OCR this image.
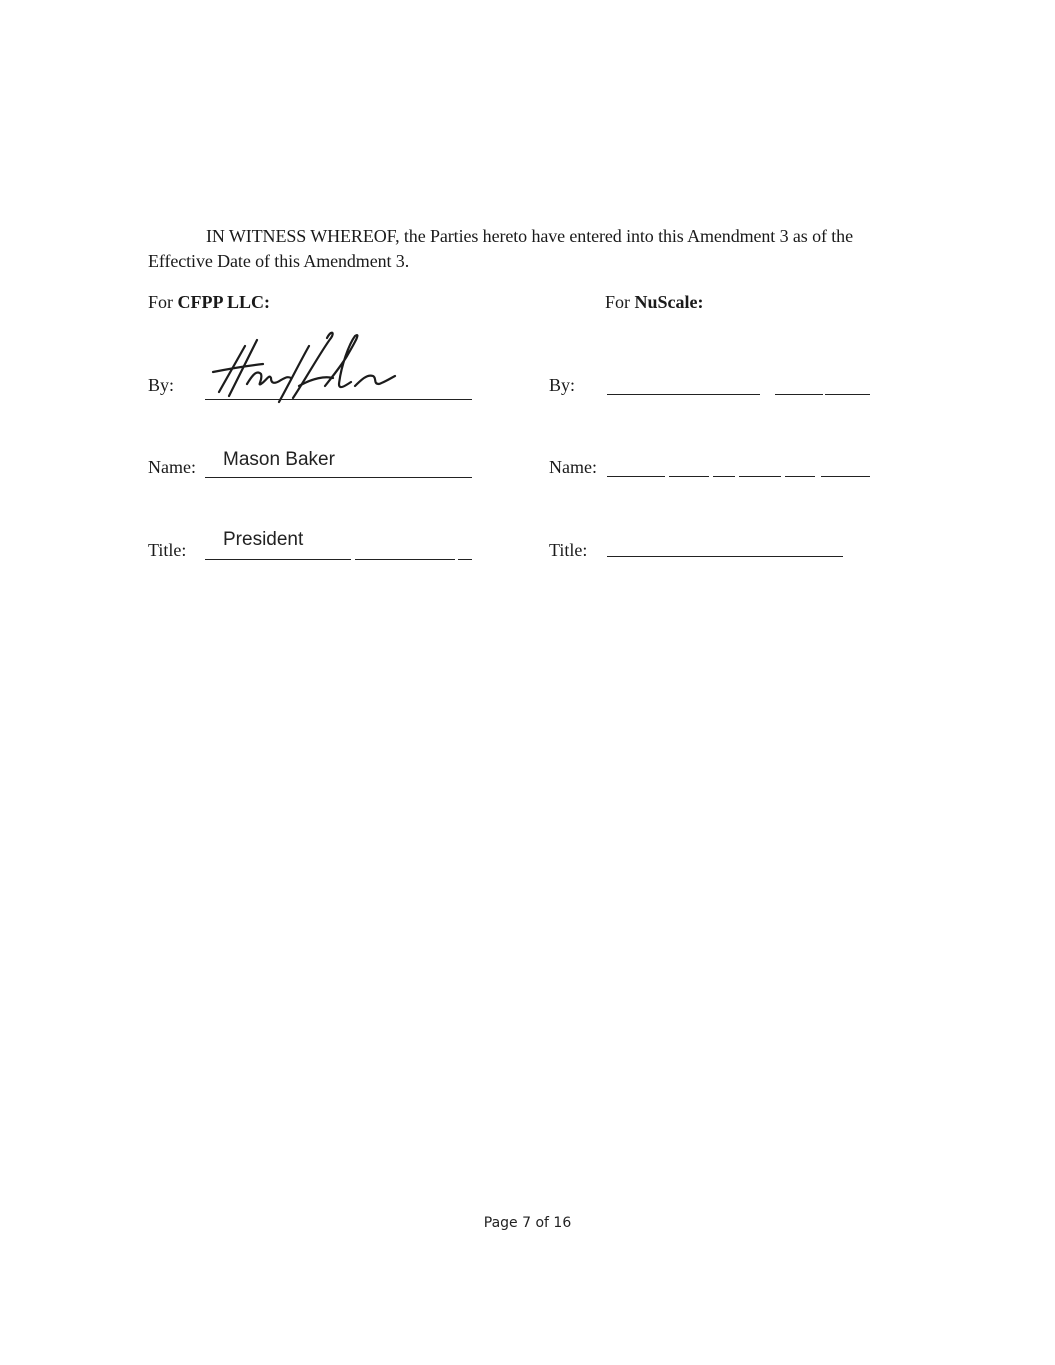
IN WITNESS WHEREOF, the Parties hereto have entered into this Amendment 3 as of the
Effective Date of this Amendment 3.
For CFPP LLC:
By:
Name: Mason Baker
Title: President
For NuScale:
By:
Name:
Title:
Page 7 of 16
